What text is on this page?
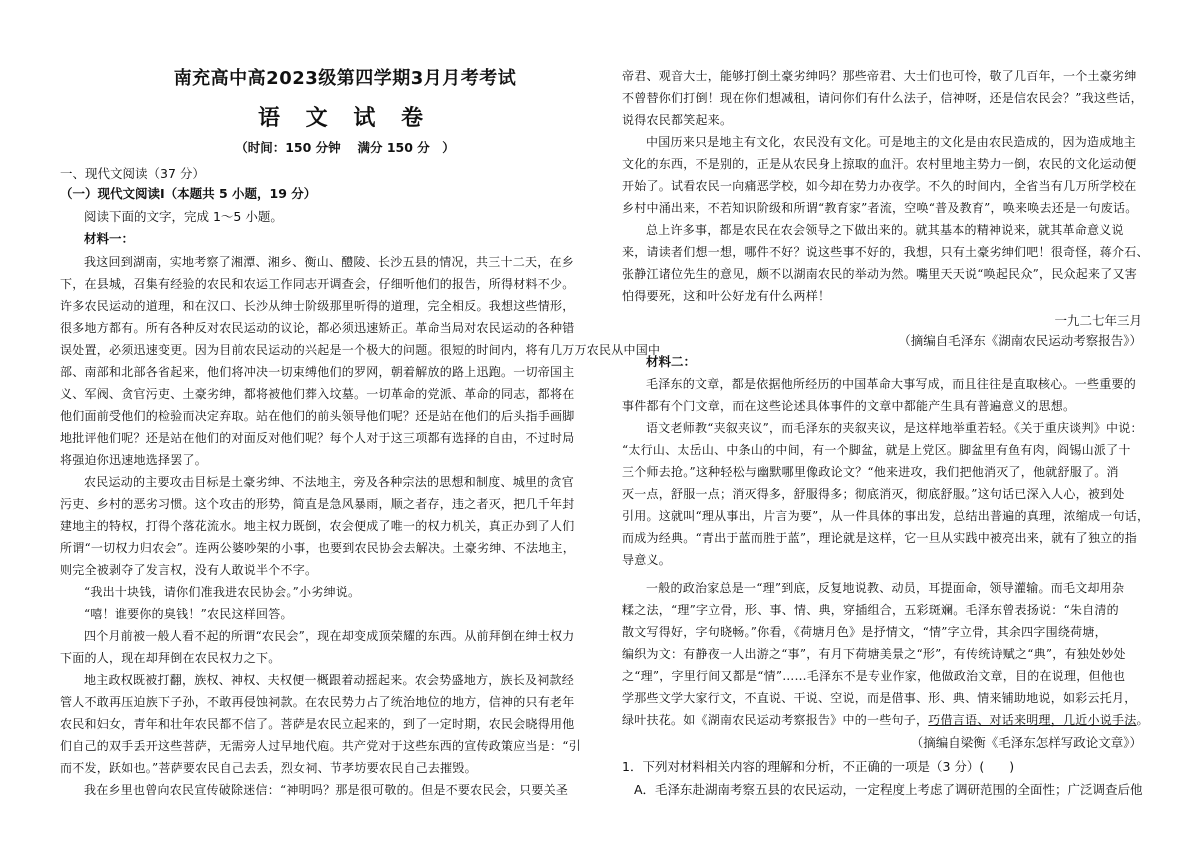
南充高中高2023级第四学期3月月考考试
语 文 试 卷
（时间：150 分钟　 满分 150 分　）
一、现代文阅读（37 分）
（一）现代文阅读Ⅰ（本题共 5 小题，19 分）
阅读下面的文字，完成 1～5 小题。
材料一：
我这回到湖南，实地考察了湘潭、湘乡、衡山、醴陵、长沙五县的情况，共三十二天，在乡
下，在县城，召集有经验的农民和农运工作同志开调查会，仔细听他们的报告，所得材料不少。
许多农民运动的道理，和在汉口、长沙从绅士阶级那里听得的道理，完全相反。我想这些情形，
很多地方都有。所有各种反对农民运动的议论，都必须迅速矫正。革命当局对农民运动的各种错
误处置，必须迅速变更。因为目前农民运动的兴起是一个极大的问题。很短的时间内，将有几万万农民从中国中
部、南部和北部各省起来，他们将冲决一切束缚他们的罗网，朝着解放的路上迅跑。一切帝国主
义、军阀、贪官污吏、土豪劣绅，都将被他们葬入坟墓。一切革命的党派、革命的同志，都将在
他们面前受他们的检验而决定弃取。站在他们的前头领导他们呢？还是站在他们的后头指手画脚
地批评他们呢？还是站在他们的对面反对他们呢？每个人对于这三项都有选择的自由，不过时局
将强迫你迅速地选择罢了。
农民运动的主要攻击目标是土豪劣绅、不法地主，旁及各种宗法的思想和制度、城里的贪官
污吏、乡村的恶劣习惯。这个攻击的形势，简直是急风暴雨，顺之者存，违之者灭，把几千年封
建地主的特权，打得个落花流水。地主权力既倒，农会便成了唯一的权力机关，真正办到了人们
所谓“一切权力归农会”。连两公婆吵架的小事，也要到农民协会去解决。土豪劣绅、不法地主，
则完全被剥夺了发言权，没有人敢说半个不字。
“我出十块钱，请你们准我进农民协会。”小劣绅说。
“嘻！谁要你的臭钱！”农民这样回答。
四个月前被一般人看不起的所谓“农民会”，现在却变成顶荣耀的东西。从前拜倒在绅士权力
下面的人，现在却拜倒在农民权力之下。
地主政权既被打翻，族权、神权、夫权便一概跟着动摇起来。农会势盛地方，族长及祠款经
管人不敢再压迫族下子孙，不敢再侵蚀祠款。在农民势力占了统治地位的地方，信神的只有老年
农民和妇女，青年和壮年农民都不信了。菩萨是农民立起来的，到了一定时期，农民会晓得用他
们自己的双手丢开这些菩萨，无需旁人过早地代庖。共产党对于这些东西的宣传政策应当是：“引
而不发，跃如也。”菩萨要农民自己去丢，烈女祠、节孝坊要农民自己去摧毁。
我在乡里也曾向农民宣传破除迷信：“神明吗？那是很可敬的。但是不要农民会，只要关圣
帝君、观音大士，能够打倒土豪劣绅吗？那些帝君、大士们也可怜，敬了几百年，一个土豪劣绅
不曾替你们打倒！现在你们想减租，请问你们有什么法子，信神呀，还是信农民会？”我这些话，
说得农民都笑起来。
中国历来只是地主有文化，农民没有文化。可是地主的文化是由农民造成的，因为造成地主
文化的东西，不是别的，正是从农民身上掠取的血汗。农村里地主势力一倒，农民的文化运动便
开始了。试看农民一向痛恶学校，如今却在势力办夜学。不久的时间内，全省当有几万所学校在
乡村中涌出来，不若知识阶级和所谓“教育家”者流，空唤“普及教育”，唤来唤去还是一句废话。
总上许多事，都是农民在农会领导之下做出来的。就其基本的精神说来，就其革命意义说
来，请读者们想一想，哪件不好？说这些事不好的，我想，只有土豪劣绅们吧！很奇怪，蒋介石、
张静江诸位先生的意见，颇不以湖南农民的举动为然。嘴里天天说“唤起民众”，民众起来了又害
怕得要死，这和叶公好龙有什么两样！
一九二七年三月
（摘编自毛泽东《湖南农民运动考察报告》）
材料二：
毛泽东的文章，都是依据他所经历的中国革命大事写成，而且往往是直取核心。一些重要的
事件都有个门文章，而在这些论述具体事件的文章中都能产生具有普遍意义的思想。
语文老师教“夹叙夹议”，而毛泽东的夹叙夹议，是这样地举重若轻。《关于重庆谈判》中说：
“太行山、太岳山、中条山的中间，有一个脚盆，就是上党区。脚盆里有鱼有肉，阎锡山派了十
三个师去抢。”这种轻松与幽默哪里像政论文？“他来进攻，我们把他消灭了，他就舒服了。消
灭一点，舒服一点；消灭得多，舒服得多；彻底消灭，彻底舒服。”这句话已深入人心，被到处
引用。这就叫“理从事出，片言为要”，从一件具体的事出发，总结出普遍的真理，浓缩成一句话，
而成为经典。“青出于蓝而胜于蓝”，理论就是这样，它一旦从实践中被亮出来，就有了独立的指
导意义。
一般的政治家总是一“理”到底，反复地说教、动员，耳提面命，领导灌输。而毛文却用杂
糅之法，“理”字立骨，形、事、情、典，穿插组合，五彩斑斓。毛泽东曾表扬说：“朱自清的
散文写得好，字句晓畅。”你看，《荷塘月色》是抒情文，“情”字立骨，其余四字围绕荷塘，
编织为文：有静夜一人出游之“事”，有月下荷塘美景之“形”，有传统诗赋之“典”，有独处妙处
之“理”，字里行间又都是“情”……毛泽东不是专业作家，他做政治文章，目的在说理，但他也
学那些文学大家行文，不直说、干说、空说，而是借事、形、典、情来铺助地说，如彩云托月，
绿叶扶花。如《湖南农民运动考察报告》中的一些句子，巧借言语、对话来明理，几近小说手法。
（摘编自梁衡《毛泽东怎样写政论文章》）
1．下列对材料相关内容的理解和分析，不正确的一项是（3 分）(　　)
A．毛泽东赴湖南考察五县的农民运动，一定程度上考虑了调研范围的全面性；广泛调查后他
